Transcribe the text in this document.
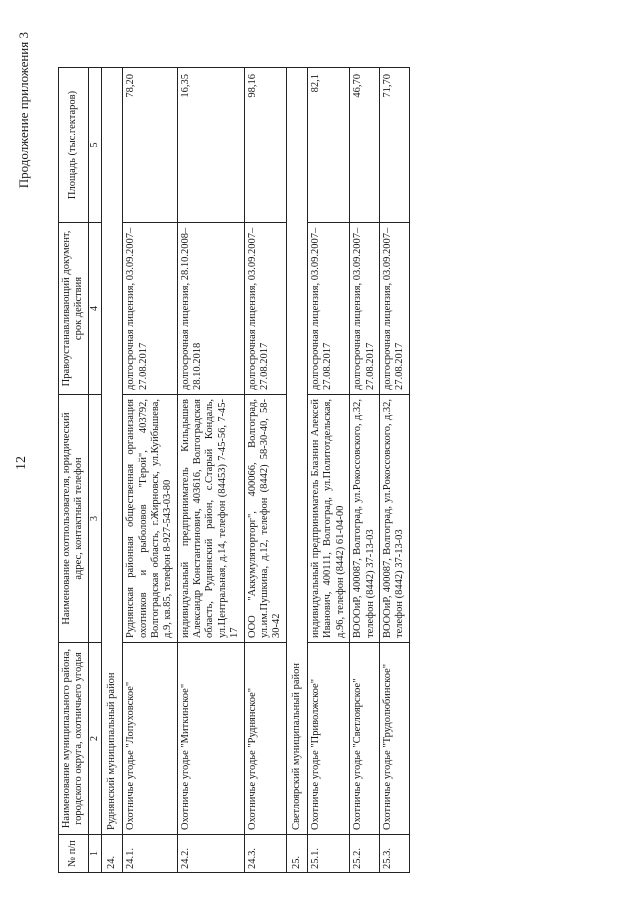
12
Продолжение приложения 3
№ п/п	Наименование муниципального района, городского округа, охотничьего угодья	Наименование охотпользователя, юридический адрес, контактный телефон	Правоустанавливающий документ, срок действия	Площадь (тыс.гектаров)
1	2	3	4	5
24.	Руднянский муниципальный район			
24.1.	Охотничье угодье "Лопуховское"	Руднянская районная общественная организация охотников и рыболовов "Герой", 403792, Волгоградская область, г.Жирновск, ул.Куйбышева, д.9, кв.85, телефон 8-927-543-03-80	долгосрочная лицензия, 03.09.2007–27.08.2017	78,20
24.2.	Охотничье угодье "Миткинское"	индивидуальный предприниматель Кильдышев Александр Константинович, 403616, Волгоградская область, Руднянский район, с.Старый Кондаль, ул.Центральная, д.14, телефон (84453) 7-45-56, 7-45-17	долгосрочная лицензия, 28.10.2008–28.10.2018	16,35
24.3.	Охотничье угодье "Руднянское"	ООО "Аккумуляторторг", 400066, Волгоград, ул.им.Пушкина, д.12, телефон (8442) 58-30-40, 58-30-42	долгосрочная лицензия, 03.09.2007–27.08.2017	98,16
25.	Светлоярский муниципальный район			
25.1.	Охотничье угодье "Приволжское"	индивидуальный предприниматель Блазнин Алексей Иванович, 400111, Волгоград, ул.Политотдельская, д.96, телефон (8442) 61-04-00	долгосрочная лицензия, 03.09.2007–27.08.2017	82,1
25.2.	Охотничье угодье "Светлоярское"	ВОООиР, 400087, Волгоград, ул.Рокоссовского, д.32, телефон (8442) 37-13-03	долгосрочная лицензия, 03.09.2007–27.08.2017	46,70
25.3.	Охотничье угодье "Трудолюбинское"	ВОООиР, 400087, Волгоград, ул.Рокоссовского, д.32, телефон (8442) 37-13-03	долгосрочная лицензия, 03.09.2007–27.08.2017	71,70
